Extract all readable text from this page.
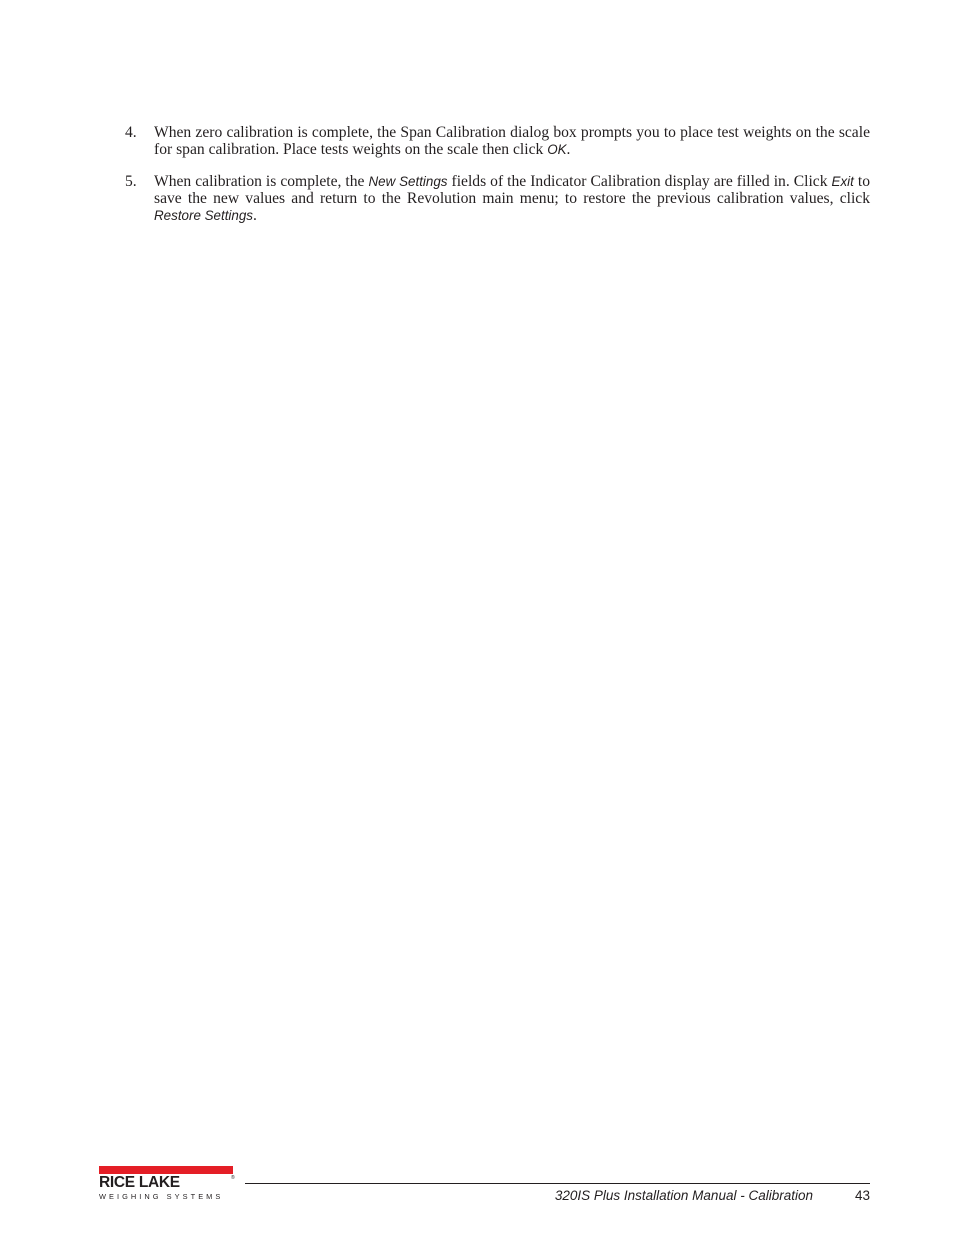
4. When zero calibration is complete, the Span Calibration dialog box prompts you to place test weights on the scale for span calibration. Place tests weights on the scale then click OK.

5. When calibration is complete, the New Settings fields of the Indicator Calibration display are filled in. Click Exit to save the new values and return to the Revolution main menu; to restore the previous calibration values, click Restore Settings.

RICE LAKE	®
WEIGHING SYSTEMS	320IS Plus Installation Manual - Calibration	43
